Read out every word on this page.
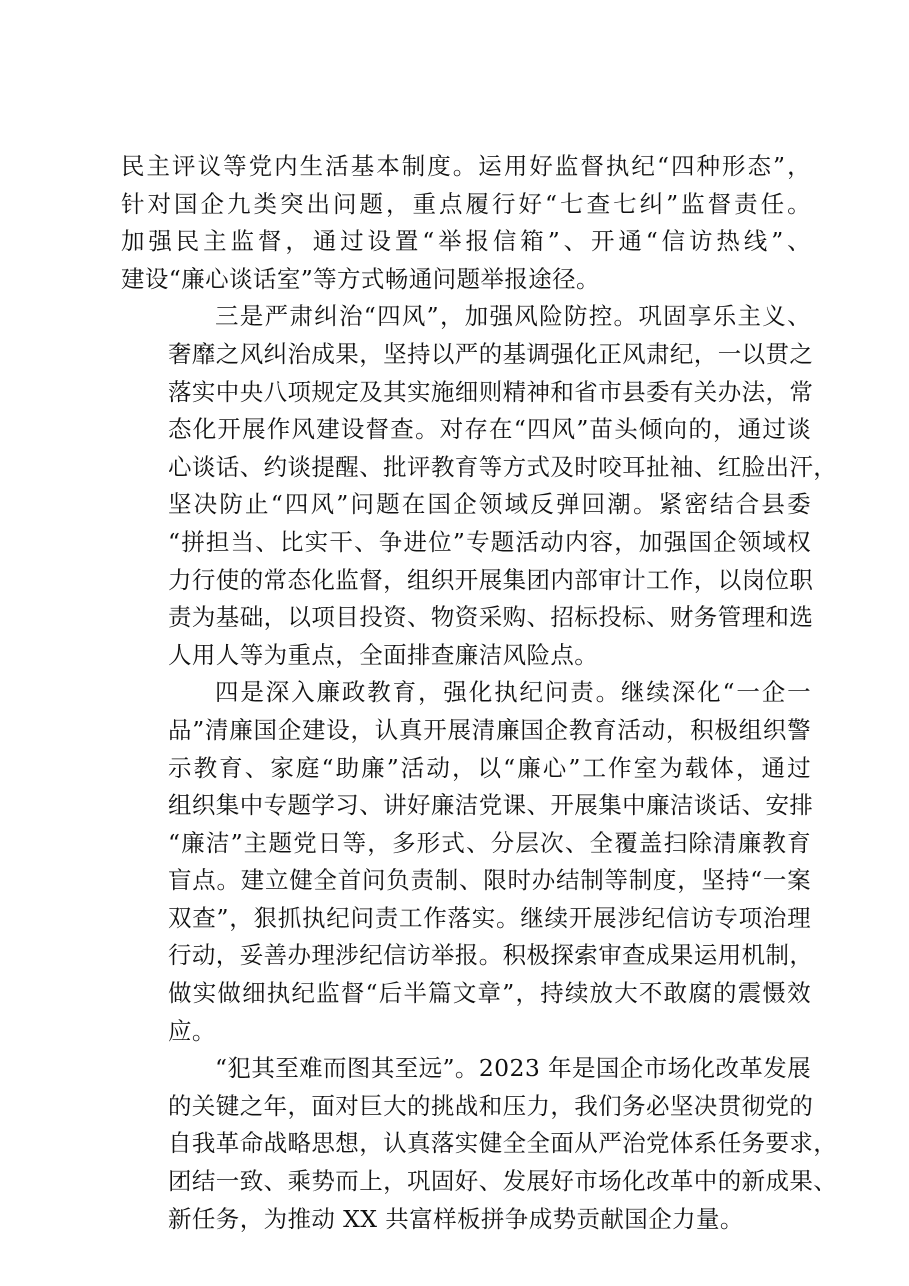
民主评议等党内生活基本制度。运用好监督执纪“四种形态”，
针对国企九类突出问题，重点履行好“七查七纠”监督责任。
加强民主监督，通过设置“举报信箱”、开通“信访热线”、
建设“廉心谈话室”等方式畅通问题举报途径。
三是严肃纠治“四风”，加强风险防控。巩固享乐主义、
奢靡之风纠治成果，坚持以严的基调强化正风肃纪，一以贯之
落实中央八项规定及其实施细则精神和省市县委有关办法，常
态化开展作风建设督查。对存在“四风”苗头倾向的，通过谈
心谈话、约谈提醒、批评教育等方式及时咬耳扯袖、红脸出汗，
坚决防止“四风”问题在国企领域反弹回潮。紧密结合县委
“拼担当、比实干、争进位”专题活动内容，加强国企领域权
力行使的常态化监督，组织开展集团内部审计工作，以岗位职
责为基础，以项目投资、物资采购、招标投标、财务管理和选
人用人等为重点，全面排查廉洁风险点。
四是深入廉政教育，强化执纪问责。继续深化“一企一
品”清廉国企建设，认真开展清廉国企教育活动，积极组织警
示教育、家庭“助廉”活动，以“廉心”工作室为载体，通过
组织集中专题学习、讲好廉洁党课、开展集中廉洁谈话、安排
“廉洁”主题党日等，多形式、分层次、全覆盖扫除清廉教育
盲点。建立健全首问负责制、限时办结制等制度，坚持“一案
双查”，狠抓执纪问责工作落实。继续开展涉纪信访专项治理
行动，妥善办理涉纪信访举报。积极探索审查成果运用机制，
做实做细执纪监督“后半篇文章”，持续放大不敢腐的震慑效
应。
“犯其至难而图其至远”。2023 年是国企市场化改革发展
的关键之年，面对巨大的挑战和压力，我们务必坚决贯彻党的
自我革命战略思想，认真落实健全全面从严治党体系任务要求，
团结一致、乘势而上，巩固好、发展好市场化改革中的新成果、
新任务，为推动 XX 共富样板拼争成势贡献国企力量。
